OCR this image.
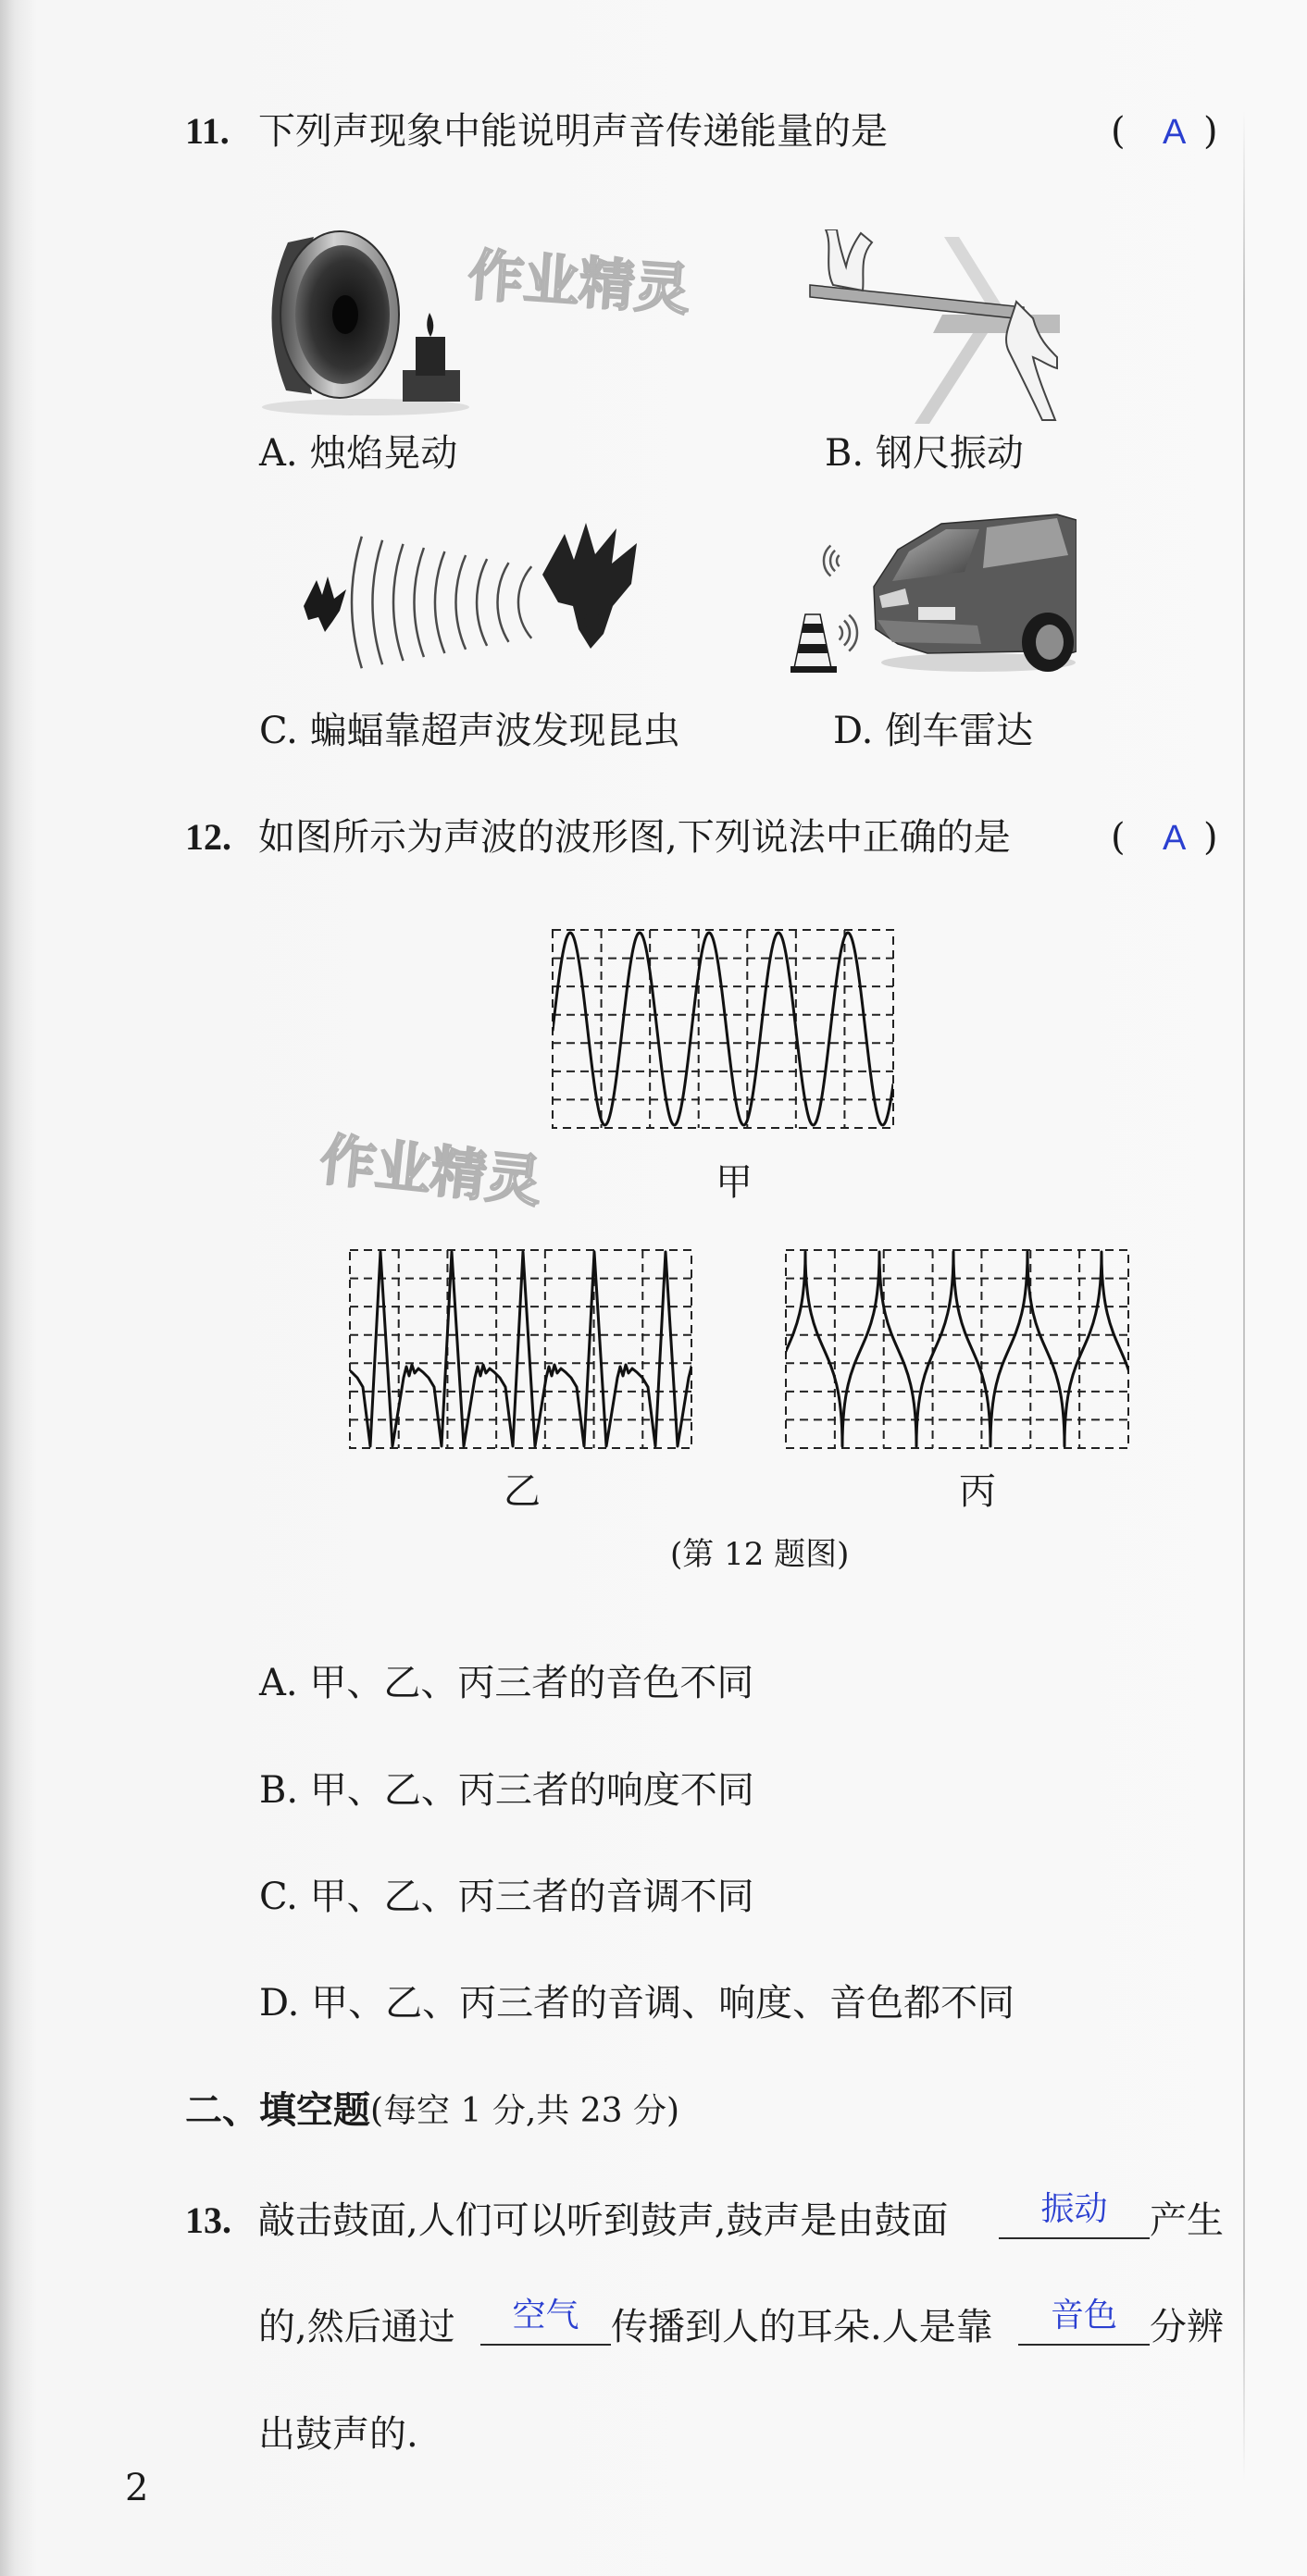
11. 下列声现象中能说明声音传递能量的是	( A )
A. 烛焰晃动	B. 钢尺振动
C. 蝙蝠靠超声波发现昆虫	D. 倒车雷达
作业精灵
12. 如图所示为声波的波形图,下列说法中正确的是	( A )
甲
作业精灵
乙	丙
(第 12 题图)
A. 甲、乙、丙三者的音色不同
B. 甲、乙、丙三者的响度不同
C. 甲、乙、丙三者的音调不同
D. 甲、乙、丙三者的音调、响度、音色都不同
二、填空题 (每空 1 分,共 23 分)
13. 敲击鼓面,人们可以听到鼓声,鼓声是由鼓面	振动	产生
的,然后通过	空气 传播到人的耳朵.人是靠	音色 分辨
出鼓声的.
2
